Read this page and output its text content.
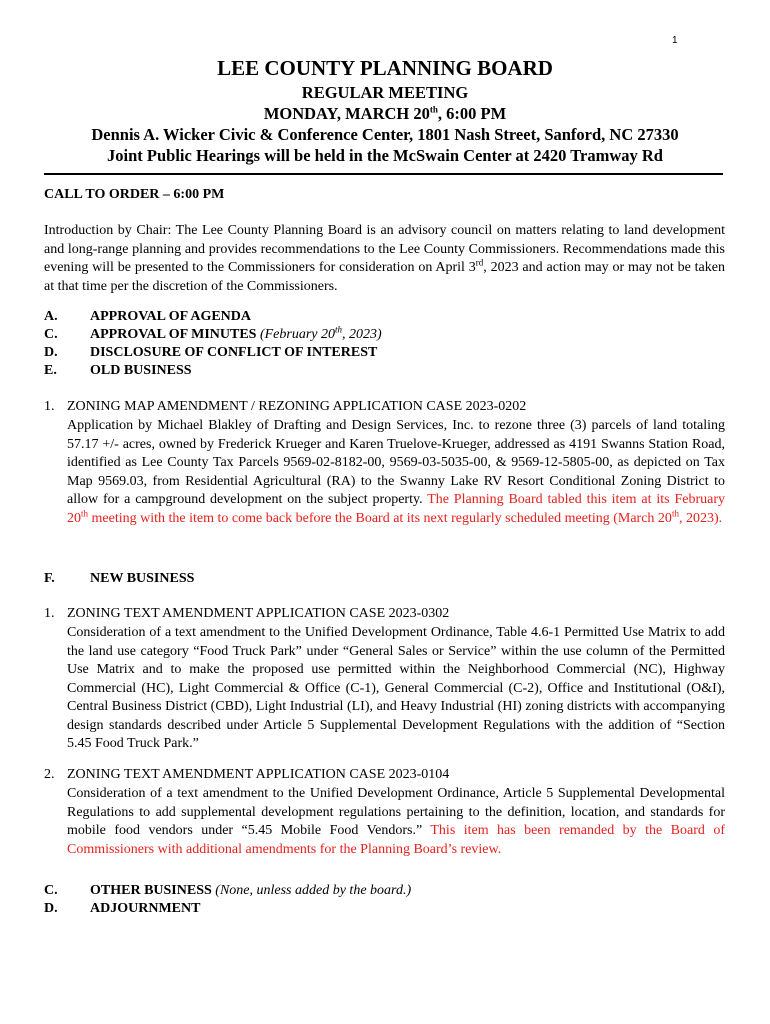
1
LEE COUNTY PLANNING BOARD
REGULAR MEETING
MONDAY, MARCH 20th, 6:00 PM
Dennis A. Wicker Civic & Conference Center, 1801 Nash Street, Sanford, NC 27330
Joint Public Hearings will be held in the McSwain Center at 2420 Tramway Rd
CALL TO ORDER – 6:00 PM
Introduction by Chair: The Lee County Planning Board is an advisory council on matters relating to land development and long-range planning and provides recommendations to the Lee County Commissioners. Recommendations made this evening will be presented to the Commissioners for consideration on April 3rd, 2023 and action may or may not be taken at that time per the discretion of the Commissioners.
A. APPROVAL OF AGENDA
C. APPROVAL OF MINUTES (February 20th, 2023)
D. DISCLOSURE OF CONFLICT OF INTEREST
E. OLD BUSINESS
1. ZONING MAP AMENDMENT / REZONING APPLICATION CASE 2023-0202
Application by Michael Blakley of Drafting and Design Services, Inc. to rezone three (3) parcels of land totaling 57.17 +/- acres, owned by Frederick Krueger and Karen Truelove-Krueger, addressed as 4191 Swanns Station Road, identified as Lee County Tax Parcels 9569-02-8182-00, 9569-03-5035-00, & 9569-12-5805-00, as depicted on Tax Map 9569.03, from Residential Agricultural (RA) to the Swanny Lake RV Resort Conditional Zoning District to allow for a campground development on the subject property. The Planning Board tabled this item at its February 20th meeting with the item to come back before the Board at its next regularly scheduled meeting (March 20th, 2023).
F.	NEW BUSINESS
1. ZONING TEXT AMENDMENT APPLICATION CASE 2023-0302
Consideration of a text amendment to the Unified Development Ordinance, Table 4.6-1 Permitted Use Matrix to add the land use category “Food Truck Park” under “General Sales or Service” within the use column of the Permitted Use Matrix and to make the proposed use permitted within the Neighborhood Commercial (NC), Highway Commercial (HC), Light Commercial & Office (C-1), General Commercial (C-2), Office and Institutional (O&I), Central Business District (CBD), Light Industrial (LI), and Heavy Industrial (HI) zoning districts with accompanying design standards described under Article 5 Supplemental Development Regulations with the addition of “Section 5.45 Food Truck Park.”
2. ZONING TEXT AMENDMENT APPLICATION CASE 2023-0104
Consideration of a text amendment to the Unified Development Ordinance, Article 5 Supplemental Developmental Regulations to add supplemental development regulations pertaining to the definition, location, and standards for mobile food vendors under “5.45 Mobile Food Vendors.” This item has been remanded by the Board of Commissioners with additional amendments for the Planning Board’s review.
C. OTHER BUSINESS (None, unless added by the board.)
D. ADJOURNMENT
